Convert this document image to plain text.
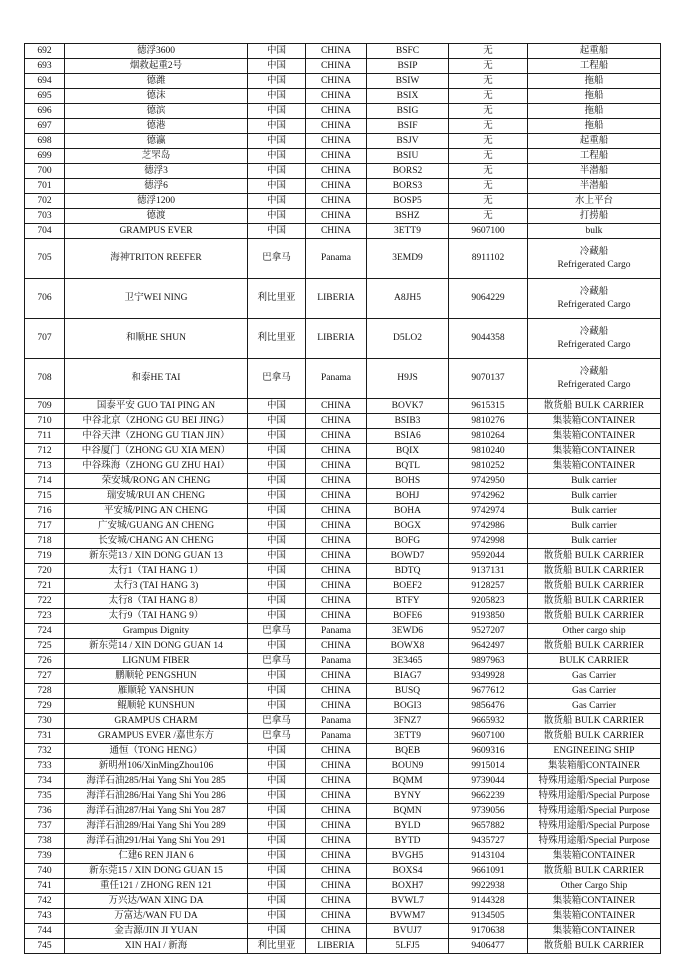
692	德浮3600	中国	CHINA	BSFC	无	起重船
693	烟救起重2号	中国	CHINA	BSIP	无	工程船
694	德潍	中国	CHINA	BSIW	无	拖船
695	德沫	中国	CHINA	BSIX	无	拖船
696	德滨	中国	CHINA	BSIG	无	拖船
697	德港	中国	CHINA	BSIF	无	拖船
698	德瀛	中国	CHINA	BSJV	无	起重船
699	芝罘岛	中国	CHINA	BSIU	无	工程船
700	德浮3	中国	CHINA	BORS2	无	半潜船
701	德浮6	中国	CHINA	BORS3	无	半潜船
702	德浮1200	中国	CHINA	BOSP5	无	水上平台
703	德渡	中国	CHINA	BSHZ	无	打捞船
704	GRAMPUS EVER	中国	CHINA	3ETT9	9607100	bulk
705	海神TRITON REEFER	巴拿马	Panama	3EMD9	8911102	冷藏船
Refrigerated Cargo

706	卫宁WEI NING	利比里亚	LIBERIA	A8JH5	9064229	冷藏船
Refrigerated Cargo

707	和顺HE SHUN	利比里亚	LIBERIA	D5LO2	9044358	冷藏船
Refrigerated Cargo

708	和泰HE TAI	巴拿马	Panama	H9JS	9070137	冷藏船
Refrigerated Cargo

709	国泰平安 GUO TAI PING AN	中国	CHINA	BOVK7	9615315	散货船 BULK CARRIER
710	中谷北京（ZHONG GU BEI JING）	中国	CHINA	BSIB3	9810276	集装箱CONTAINER
711	中谷天津（ZHONG GU TIAN JIN）	中国	CHINA	BSIA6	9810264	集装箱CONTAINER
712	中谷厦门（ZHONG GU XIA MEN）	中国	CHINA	BQIX	9810240	集装箱CONTAINER
713	中谷珠海（ZHONG GU ZHU HAI）	中国	CHINA	BQTL	9810252	集装箱CONTAINER
714	荣安城/RONG AN CHENG	中国	CHINA	BOHS	9742950	Bulk carrier
715	瑞安城/RUI AN CHENG	中国	CHINA	BOHJ	9742962	Bulk carrier
716	平安城/PING AN CHENG	中国	CHINA	BOHA	9742974	Bulk carrier
717	广安城/GUANG AN CHENG	中国	CHINA	BOGX	9742986	Bulk carrier
718	长安城/CHANG AN CHENG	中国	CHINA	BOFG	9742998	Bulk carrier
719	新东莞13 / XIN DONG GUAN 13	中国	CHINA	BOWD7	9592044	散货船 BULK CARRIER
720	太行1（TAI HANG 1）	中国	CHINA	BDTQ	9137131	散货船 BULK CARRIER
721	太行3 (TAI HANG 3)	中国	CHINA	BOEF2	9128257	散货船 BULK CARRIER
722	太行8（TAI HANG 8）	中国	CHINA	BTFY	9205823	散货船 BULK CARRIER
723	太行9（TAI HANG 9）	中国	CHINA	BOFE6	9193850	散货船 BULK CARRIER
724	Grampus Dignity	巴拿马	Panama	3EWD6	9527207	Other cargo ship
725	新东莞14 / XIN DONG GUAN 14	中国	CHINA	BOWX8	9642497	散货船 BULK CARRIER
726	LIGNUM FIBER	巴拿马	Panama	3E3465	9897963	BULK CARRIER
727	鹏顺轮 PENGSHUN	中国	CHINA	BIAG7	9349928	Gas Carrier
728	雁顺轮 YANSHUN	中国	CHINA	BUSQ	9677612	Gas Carrier
729	鲲顺轮 KUNSHUN	中国	CHINA	BOGI3	9856476	Gas Carrier
730	GRAMPUS CHARM	巴拿马	Panama	3FNZ7	9665932	散货船 BULK CARRIER
731	GRAMPUS EVER /嘉世东方	巴拿马	Panama	3ETT9	9607100	散货船 BULK CARRIER
732	通恒（TONG HENG）	中国	CHINA	BQEB	9609316	ENGINEEING SHIP
733	新明州106/XinMingZhou106	中国	CHINA	BOUN9	9915014	集装箱船CONTAINER
734	海洋石油285/Hai Yang Shi You 285	中国	CHINA	BQMM	9739044	特殊用途船/Special Purpose
735	海洋石油286/Hai Yang Shi You 286	中国	CHINA	BYNY	9662239	特殊用途船/Special Purpose
736	海洋石油287/Hai Yang Shi You 287	中国	CHINA	BQMN	9739056	特殊用途船/Special Purpose
737	海洋石油289/Hai Yang Shi You 289	中国	CHINA	BYLD	9657882	特殊用途船/Special Purpose
738	海洋石油291/Hai Yang Shi You 291	中国	CHINA	BYTD	9435727	特殊用途船/Special Purpose
739	仁建6 REN JIAN 6	中国	CHINA	BVGH5	9143104	集装箱CONTAINER
740	新东莞15 / XIN DONG GUAN 15	中国	CHINA	BOXS4	9661091	散货船 BULK CARRIER
741	重任121 / ZHONG REN 121	中国	CHINA	BOXH7	9922938	Other Cargo Ship
742	万兴达/WAN XING DA	中国	CHINA	BVWL7	9144328	集装箱CONTAINER
743	万富达/WAN FU DA	中国	CHINA	BVWM7	9134505	集装箱CONTAINER
744	金吉源/JIN JI YUAN	中国	CHINA	BVUJ7	9170638	集装箱CONTAINER
745	XIN HAI / 新海	利比里亚	LIBERIA	5LFJ5	9406477	散货船 BULK CARRIER
